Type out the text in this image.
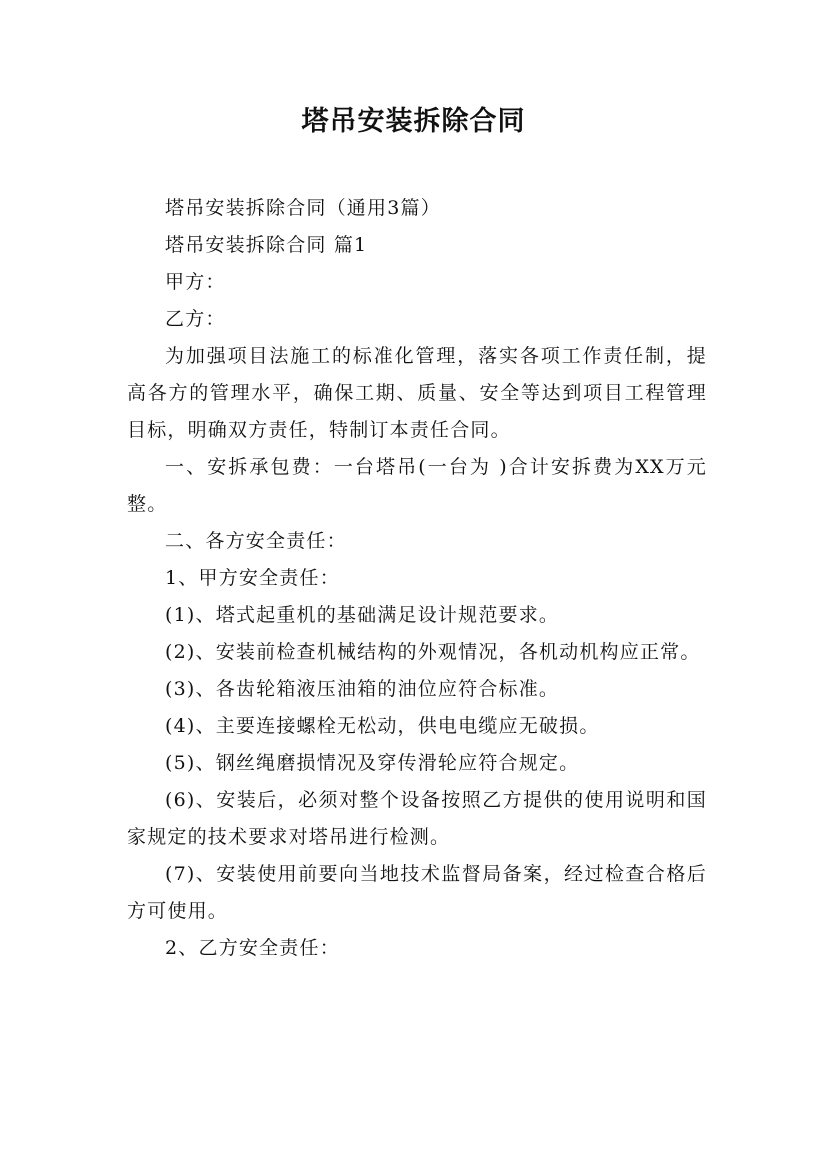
塔吊安装拆除合同

塔吊安装拆除合同（通用3篇）

塔吊安装拆除合同 篇1

甲方：

乙方：

为加强项目法施工的标准化管理，落实各项工作责任制，提高各方的管理水平，确保工期、质量、安全等达到项目工程管理目标，明确双方责任，特制订本责任合同。

一、安拆承包费：一台塔吊(一台为 )合计安拆费为XX万元整。

二、各方安全责任：

1、甲方安全责任：

(1)、塔式起重机的基础满足设计规范要求。

(2)、安装前检查机械结构的外观情况，各机动机构应正常。

(3)、各齿轮箱液压油箱的油位应符合标准。

(4)、主要连接螺栓无松动，供电电缆应无破损。

(5)、钢丝绳磨损情况及穿传滑轮应符合规定。

(6)、安装后，必须对整个设备按照乙方提供的使用说明和国家规定的技术要求对塔吊进行检测。

(7)、安装使用前要向当地技术监督局备案，经过检查合格后方可使用。

2、乙方安全责任：
